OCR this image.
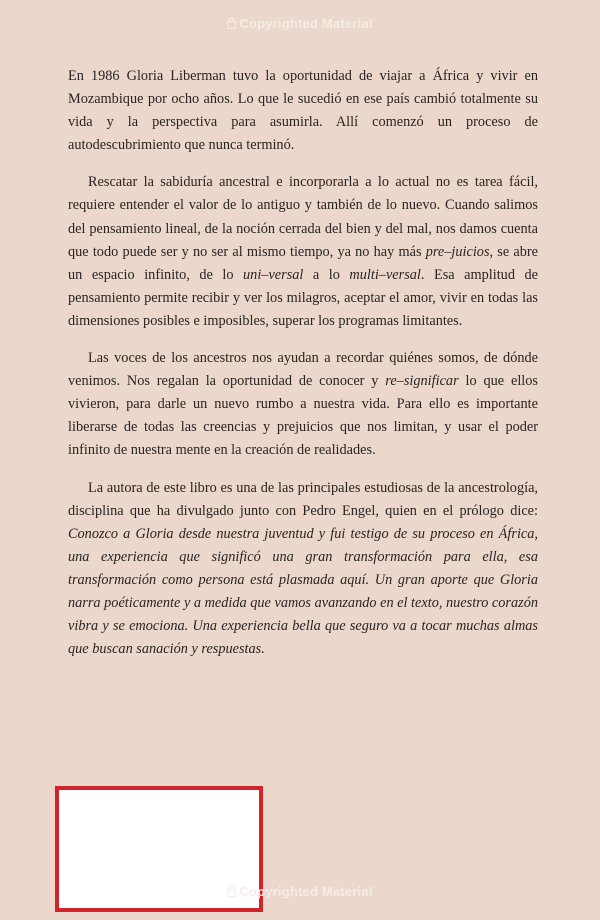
Copyrighted Material

En 1986 Gloria Liberman tuvo la oportunidad de viajar a África y vivir en Mozambique por ocho años. Lo que le sucedió en ese país cambió totalmente su vida y la perspectiva para asumirla. Allí comenzó un proceso de autodescubrimiento que nunca terminó.

Rescatar la sabiduría ancestral e incorporarla a lo actual no es tarea fácil, requiere entender el valor de lo antiguo y también de lo nuevo. Cuando salimos del pensamiento lineal, de la noción cerrada del bien y del mal, nos damos cuenta que todo puede ser y no ser al mismo tiempo, ya no hay más pre–juicios, se abre un espacio infinito, de lo uni–versal a lo multi–versal. Esa amplitud de pensamiento permite recibir y ver los milagros, aceptar el amor, vivir en todas las dimensiones posibles e imposibles, superar los programas limitantes.

Las voces de los ancestros nos ayudan a recordar quiénes somos, de dónde venimos. Nos regalan la oportunidad de conocer y re–significar lo que ellos vivieron, para darle un nuevo rumbo a nuestra vida. Para ello es importante liberarse de todas las creencias y prejuicios que nos limitan, y usar el poder infinito de nuestra mente en la creación de realidades.

La autora de este libro es una de las principales estudiosas de la ancestrología, disciplina que ha divulgado junto con Pedro Engel, quien en el prólogo dice: Conozco a Gloria desde nuestra juventud y fui testigo de su proceso en África, una experiencia que significó una gran transformación para ella, esa transformación como persona está plasmada aquí. Un gran aporte que Gloria narra poéticamente y a medida que vamos avanzando en el texto, nuestro corazón vibra y se emociona. Una experiencia bella que seguro va a tocar muchas almas que buscan sanación y respuestas.

Copyrighted Material
